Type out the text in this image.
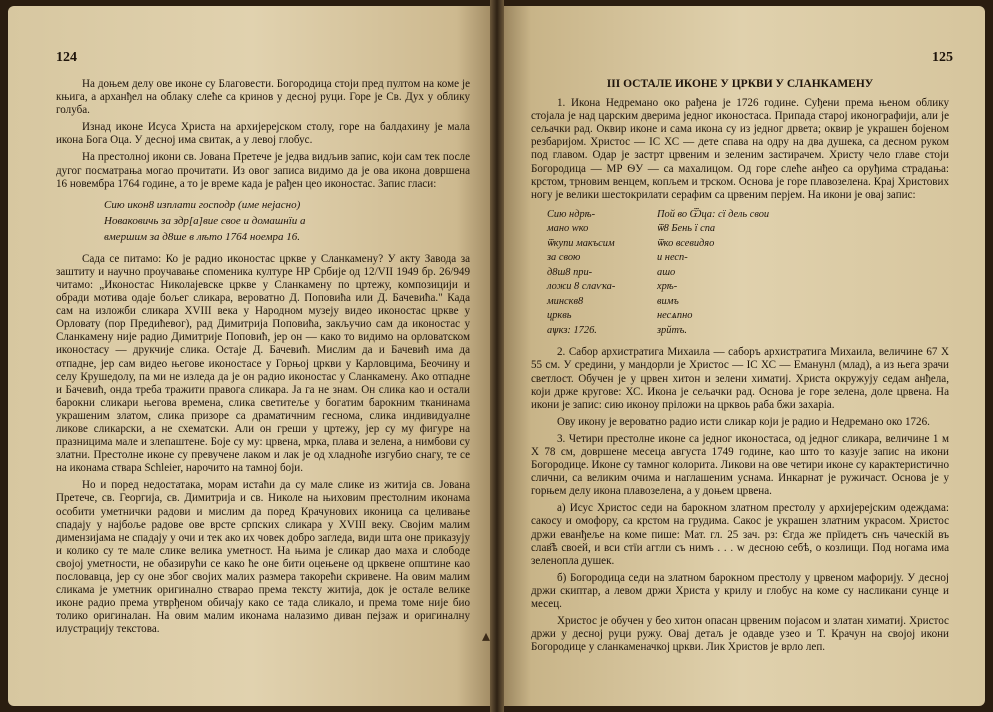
124

На доњем делу ове иконе су Благовести. Богородица стоји пред пултом на коме је књига, а арханђел на облаку слеће са кринов у десној руци. Горе је Св. Дух у облику голуба.

Изнад иконе Исуса Христа на архијерејском столу, горе на балдахину је мала икона Бога Оца. У десној има свитак, а у левој глобус.

На престолној икони св. Јована Претече је једва видљив запис, који сам тек после дугог посматрања могао прочитати. Из овог записа видимо да је ова икона довршена 16 новембра 1764 године, а то је време када је рађен цео иконостас. Запис гласи:

Сию икон8 изплати господр (име нејасно)
Новаковичь за здр[а]вие свое и домашнїи а
вмершим за д8ше в лѣто 1764 ноемра 16.

Сада се питамо: Ко је радио иконостас цркве у Сланкамену? У акту Завода за заштиту и научно проучавање споменика културе НР Србије од 12/VII 1949 бр. 26/949 читамо: „Иконостас Николајевске цркве у Сланкамену по цртежу, композицији и обради мотива одаје бољег сликара, вероватно Д. Поповића или Д. Бачевића." Када сам на изложби сликара XVIII века у Народном музеју видео иконостас цркве у Орловату (пор Предићевог), рад Димитрија Поповића, закључио сам да иконостас у Сланкамену није радио Димитрије Поповић, јер он — како то видимо на орловатском иконостасу — друкчије слика. Остаје Д. Бачевић. Мислим да и Бачевић има да отпадне, јер сам видео његове иконостасе у Горњој цркви у Карловцима, Беочину и селу Крушедолу, па ми не изледа да је он радио иконостас у Сланкамену. Ако отпадне и Бачевић, онда треба тражити правога сликара. Ја га не знам. Он слика као и остали барокни сликари његова времена, слика светитеље у богатим барокним тканинама украшеним златом, слика призоре са драматичним геснома, слика индивидуалне ликове сликарски, а не схематски. Али он греши у цртежу, јер су му фигуре на празницима мале и злепаштене. Боје су му: црвена, мрка, плава и зелена, а нимбови су златни. Престолне иконе су превучене лаком и лак је од хладноће изгубио снагу, те се на иконама ствара Schleier, нарочито на тамној боји.

Но и поред недостатака, морам истаћи да су мале слике из житија св. Јована Претече, св. Георгија, св. Димитрија и св. Николе на њиховим престолним иконама особити уметнички радови и мислим да поред Крачунових иконица са целивање спадају у најбоље радове ове врсте српских сликара у XVIII веку. Својим малим димензијама не спадају у очи и тек ако их човек добро загледа, види шта оне приказују и колико су те мале слике велика уметност. На њима је сликар дао маха и слободе својој уметности, не обазирући се како ће оне бити оцењене од црквене општине као пословавца, јер су оне због својих малих размера такорећи скривене. На овим малим сликама је уметник оригинално стварао према тексту житија, док је остале велике иконе радио према утврђеном обичају како се тада сликало, и према томе није био толико оригиналан. На овим малим иконама налазимо диван пејзаж и оригиналну илустрацију текстова.

125
III ОСТАЛЕ ИКОНЕ У ЦРКВИ У СЛАНКАМЕНУ

1. Икона Недремано око рађена је 1726 године. Суђени према њеном облику стојала је над царским дверима једног иконостаса. Припада старој иконографији, али је сељачки рад. Оквир иконе и сама икона су из једног дрвета; оквир је украшен бојеном резбаријом. Христос — ІС ХС — дете спава на одру на два душека, са десном руком под главом. Одар је застрт црвеним и зеленим застирачем. Христу чело главе стоји Богородица — МР ѲУ — са махалицом. Од горе слеће анђео са оруђима страдања: крстом, трновим венцем, копљем и трском. Основа је горе плавозелена. Крај Христових ногу је велики шестокрилати серафим са црвеним перјем. На икони је овај запис:

Сию ндрѣ-	Пой во Ѿца: сї дель свои
мано wко	ѿ8 Бень ї спа
ѿкупи макъсим	ѿко всевидяо
за свою	и несп-
д8ш8 при-	ашо
ложи 8 слаѵка-	хрѣ-
минскв8	вимъ
црквь	несѧпно
аѱкз: 1726.	зрйтъ.

2. Сабор архистратига Михаила — саборъ архистратига Михаила, величине 67 X 55 см. У средини, у мандорли је Христос — ІС ХС — Еманунл (млад), а из њега зрачи светлост. Обучен је у црвен хитон и зелени химатиј. Христа окружују седам анђела, који држе кругове: ХС. Икона је сељачки рад. Основа је горе зелена, доле црвена. На икони је запис: сию иконоу пріложи на црквоь раба бжи захаріа.

Ову икону је вероватно радио исти сликар који је радио и Недремано око 1726.

3. Четири престолне иконе са једног иконостаса, од једног сликара, величине 1 м X 78 см, довршене месеца августа 1749 године, као што то казује запис на икони Богородице. Иконе су тамног колорита. Ликови на ове четири иконе су карактеристично слични, са великим очима и наглашеним уснама. Инкарнат је ружичаст. Основа је у горњем делу икона плавозелена, а у доњем црвена.

а) Исус Христос седи на барокном златном престолу у архијерејским одеждама: сакосу и омофору, са крстом на грудима. Сакос је украшен златним украсом. Христос држи еванђеље на коме пише: Мат. гл. 25 зач. рз: Єгда же прїидетъ снъ чаческій въ слав҃ѣ своей, и вси стїи аггли съ нимъ . . . w десною себѣ, о козлищи. Под ногама има зеленопла душек.

б) Богородица седи на златном барокном престолу у црвеном мафорију. У десној држи скиптар, а левом држи Христа у крилу и глобус на коме су насликани сунце и месец.

Христос је обучен у бео хитон опасан црвеним појасом и златан химатиј. Христос држи у десној руци ружу. Овај детаљ је одавде узео и Т. Крачун на својој икони Богородице у сланкаменачкој цркви. Лик Христов је врло леп.

▴
